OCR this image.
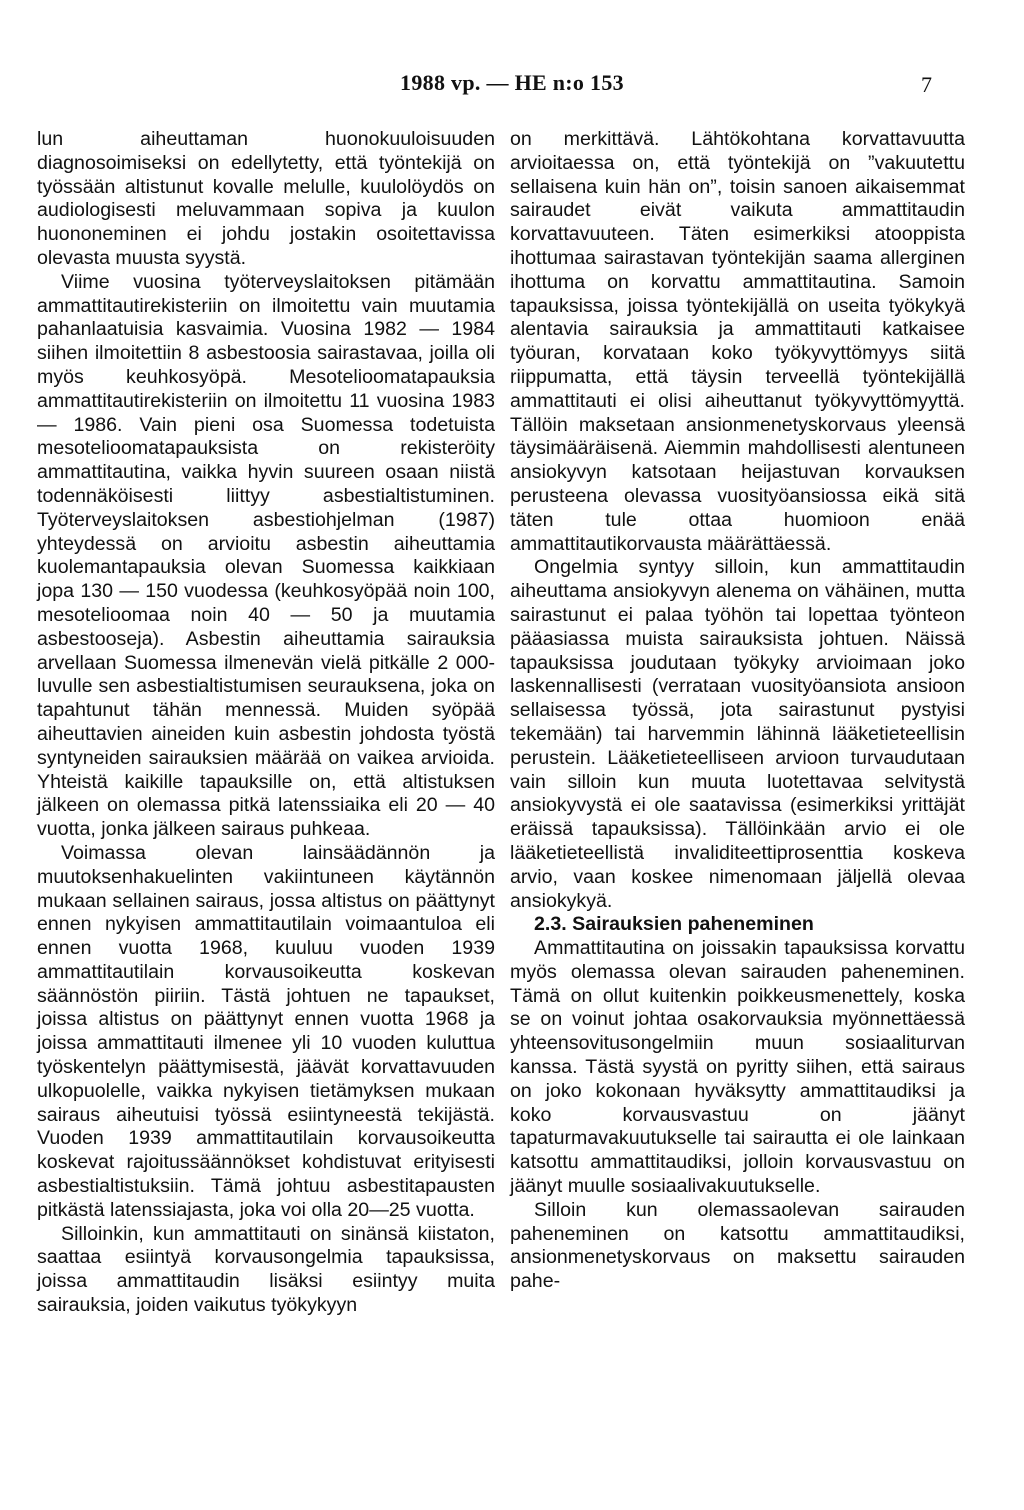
1988 vp. — HE n:o 153	7

lun aiheuttaman huonokuuloisuuden diagnosoimiseksi on edellytetty, että työntekijä on työssään altistunut kovalle melulle, kuulolöydös on audiologisesti meluvammaan sopiva ja kuulon huononeminen ei johdu jostakin osoitettavissa olevasta muusta syystä.

Viime vuosina työterveyslaitoksen pitämään ammattitautirekisteriin on ilmoitettu vain muutamia pahanlaatuisia kasvaimia. Vuosina 1982 — 1984 siihen ilmoitettiin 8 asbestoosia sairastavaa, joilla oli myös keuhkosyöpä. Mesotelioomatapauksia ammattitautirekisteriin on ilmoitettu 11 vuosina 1983 — 1986. Vain pieni osa Suomessa todetuista mesotelioomatapauksista on rekisteröity ammattitautina, vaikka hyvin suureen osaan niistä todennäköisesti liittyy asbestialtistuminen. Työterveyslaitoksen asbestiohjelman (1987) yhteydessä on arvioitu asbestin aiheuttamia kuolemantapauksia olevan Suomessa kaikkiaan jopa 130 — 150 vuodessa (keuhkosyöpää noin 100, mesotelioomaa noin 40 — 50 ja muutamia asbestooseja). Asbestin aiheuttamia sairauksia arvellaan Suomessa ilmenevän vielä pitkälle 2 000-luvulle sen asbestialtistumisen seurauksena, joka on tapahtunut tähän mennessä. Muiden syöpää aiheuttavien aineiden kuin asbestin johdosta työstä syntyneiden sairauksien määrää on vaikea arvioida. Yhteistä kaikille tapauksille on, että altistuksen jälkeen on olemassa pitkä latenssiaika eli 20 — 40 vuotta, jonka jälkeen sairaus puhkeaa.

Voimassa olevan lainsäädännön ja muutoksenhakuelinten vakiintuneen käytännön mukaan sellainen sairaus, jossa altistus on päättynyt ennen nykyisen ammattitautilain voimaantuloa eli ennen vuotta 1968, kuuluu vuoden 1939 ammattitautilain korvausoikeutta koskevan säännöstön piiriin. Tästä johtuen ne tapaukset, joissa altistus on päättynyt ennen vuotta 1968 ja joissa ammattitauti ilmenee yli 10 vuoden kuluttua työskentelyn päättymisestä, jäävät korvattavuuden ulkopuolelle, vaikka nykyisen tietämyksen mukaan sairaus aiheutuisi työssä esiintyneestä tekijästä. Vuoden 1939 ammattitautilain korvausoikeutta koskevat rajoitussäännökset kohdistuvat erityisesti asbestialtistuksiin. Tämä johtuu asbestitapausten pitkästä latenssiajasta, joka voi olla 20—25 vuotta.

Silloinkin, kun ammattitauti on sinänsä kiistaton, saattaa esiintyä korvausongelmia tapauksissa, joissa ammattitaudin lisäksi esiintyy muita sairauksia, joiden vaikutus työkykyyn

on merkittävä. Lähtökohtana korvattavuutta arvioitaessa on, että työntekijä on ”vakuutettu sellaisena kuin hän on”, toisin sanoen aikaisemmat sairaudet eivät vaikuta ammattitaudin korvattavuuteen. Täten esimerkiksi atooppista ihottumaa sairastavan työntekijän saama allerginen ihottuma on korvattu ammattitautina. Samoin tapauksissa, joissa työntekijällä on useita työkykyä alentavia sairauksia ja ammattitauti katkaisee työuran, korvataan koko työkyvyttömyys siitä riippumatta, että täysin terveellä työntekijällä ammattitauti ei olisi aiheuttanut työkyvyttömyyttä. Tällöin maksetaan ansionmenetyskorvaus yleensä täysimääräisenä. Aiemmin mahdollisesti alentuneen ansiokyvyn katsotaan heijastuvan korvauksen perusteena olevassa vuosityöansiossa eikä sitä täten tule ottaa huomioon enää ammattitautikorvausta määrättäessä.

Ongelmia syntyy silloin, kun ammattitaudin aiheuttama ansiokyvyn alenema on vähäinen, mutta sairastunut ei palaa työhön tai lopettaa työnteon pääasiassa muista sairauksista johtuen. Näissä tapauksissa joudutaan työkyky arvioimaan joko laskennallisesti (verrataan vuosityöansiota ansioon sellaisessa työssä, jota sairastunut pystyisi tekemään) tai harvemmin lähinnä lääketieteellisin perustein. Lääketieteelliseen arvioon turvaudutaan vain silloin kun muuta luotettavaa selvitystä ansiokyvystä ei ole saatavissa (esimerkiksi yrittäjät eräissä tapauksissa). Tällöinkään arvio ei ole lääketieteellistä invaliditeettiprosenttia koskeva arvio, vaan koskee nimenomaan jäljellä olevaa ansiokykyä.

2.3. Sairauksien paheneminen

Ammattitautina on joissakin tapauksissa korvattu myös olemassa olevan sairauden paheneminen. Tämä on ollut kuitenkin poikkeusmenettely, koska se on voinut johtaa osakorvauksia myönnettäessä yhteensovitusongelmiin muun sosiaaliturvan kanssa. Tästä syystä on pyritty siihen, että sairaus on joko kokonaan hyväksytty ammattitaudiksi ja koko korvausvastuu on jäänyt tapaturmavakuutukselle tai sairautta ei ole lainkaan katsottu ammattitaudiksi, jolloin korvausvastuu on jäänyt muulle sosiaalivakuutukselle.

Silloin kun olemassaolevan sairauden paheneminen on katsottu ammattitaudiksi, ansionmenetyskorvaus on maksettu sairauden pahe-
